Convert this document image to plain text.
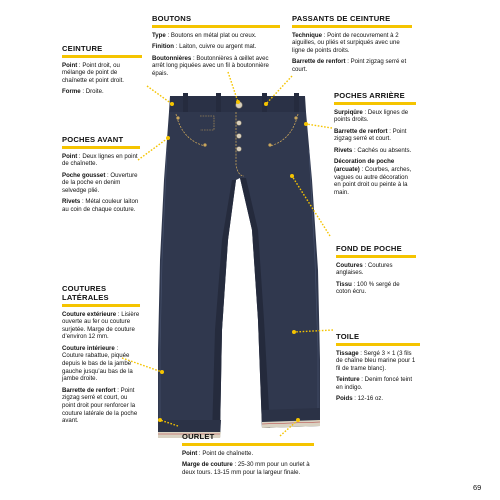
BOUTONS
Type : Boutons en métal plat ou creux.
Finition : Laiton, cuivre ou argent mat.
Boutonnières : Boutonnières à œillet avec arrêt long piquées avec un fil à boutonnière épais.
PASSANTS DE CEINTURE
Technique : Point de recouvrement à 2 aiguilles, ou pliés et surpiqués avec une ligne de points droits.
Barrette de renfort : Point zigzag serré et court.
CEINTURE
Point : Point droit, ou mélange de point de chaînette et point droit.
Forme : Droite.	POCHES ARRIÈRE
Surpiqûre : Deux lignes de points droits.
Barrette de renfort : Point zigzag serré et court.
Rivets : Cachés ou absents.
Décoration de poche (arcuate) : Courbes, arches, vagues ou autre décoration en point droit ou peinte à la main.
POCHES AVANT
Point : Deux lignes en point de chaînette.
Poche gousset : Ouverture de la poche en denim selvedge plié.
Rivets : Métal couleur laiton au coin de chaque couture.
FOND DE POCHE
Coutures : Coutures anglaises.
Tissu : 100 % sergé de coton écru.
COUTURES
LATÉRALES
Couture extérieure : Lisière ouverte au fer ou couture surjetée. Marge de couture d’environ 12 mm.
Couture intérieure : Couture rabattue, piquée depuis le bas de la jambe gauche jusqu’au bas de la jambe droite.
Barrette de renfort : Point zigzag serré et court, ou point droit pour renforcer la couture latérale de la poche avant.
TOILE
Tissage : Sergé 3 × 1 (3 fils de chaîne bleu marine pour 1 fil de trame blanc).
Teinture : Denim foncé teint en indigo.
Poids : 12-16 oz.
OURLET
Point : Point de chaînette.
Marge de couture : 25-30 mm pour un ourlet à deux tours. 13-15 mm pour la largeur finale.
69
